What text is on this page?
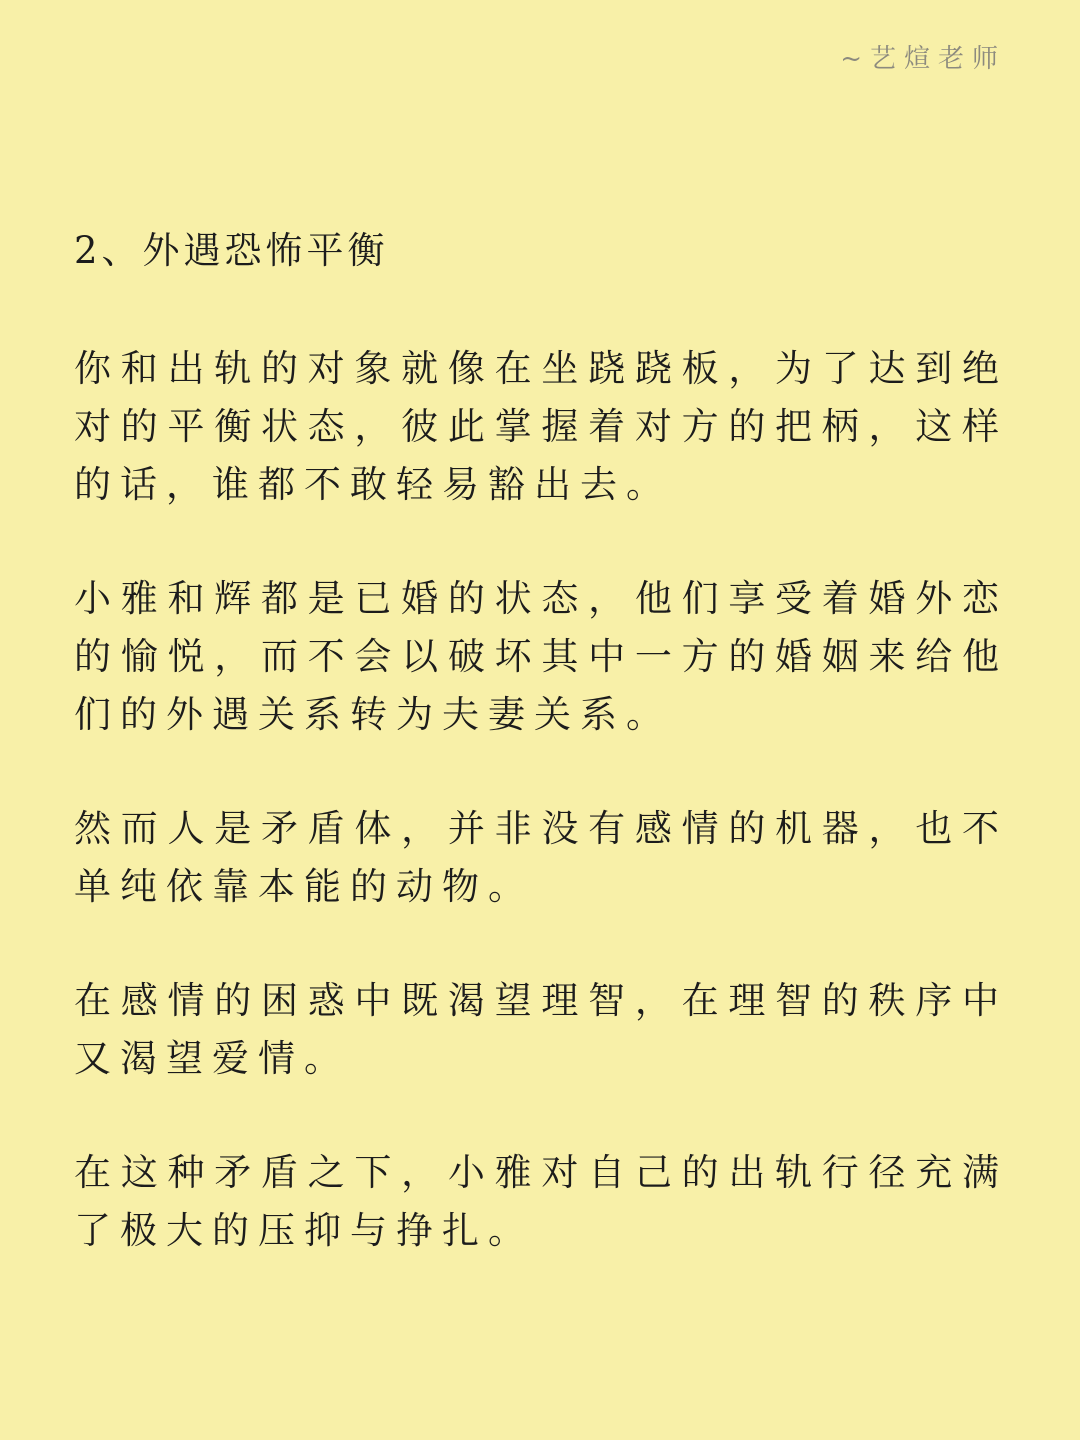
~艺煊老师
2、外遇恐怖平衡

你和出轨的对象就像在坐跷跷板，为了达到绝对的平衡状态，彼此掌握着对方的把柄，这样的话，谁都不敢轻易豁出去。

小雅和辉都是已婚的状态，他们享受着婚外恋的愉悦，而不会以破坏其中一方的婚姻来给他们的外遇关系转为夫妻关系。

然而人是矛盾体，并非没有感情的机器，也不单纯依靠本能的动物。

在感情的困惑中既渴望理智，在理智的秩序中又渴望爱情。

在这种矛盾之下，小雅对自己的出轨行径充满了极大的压抑与挣扎。
